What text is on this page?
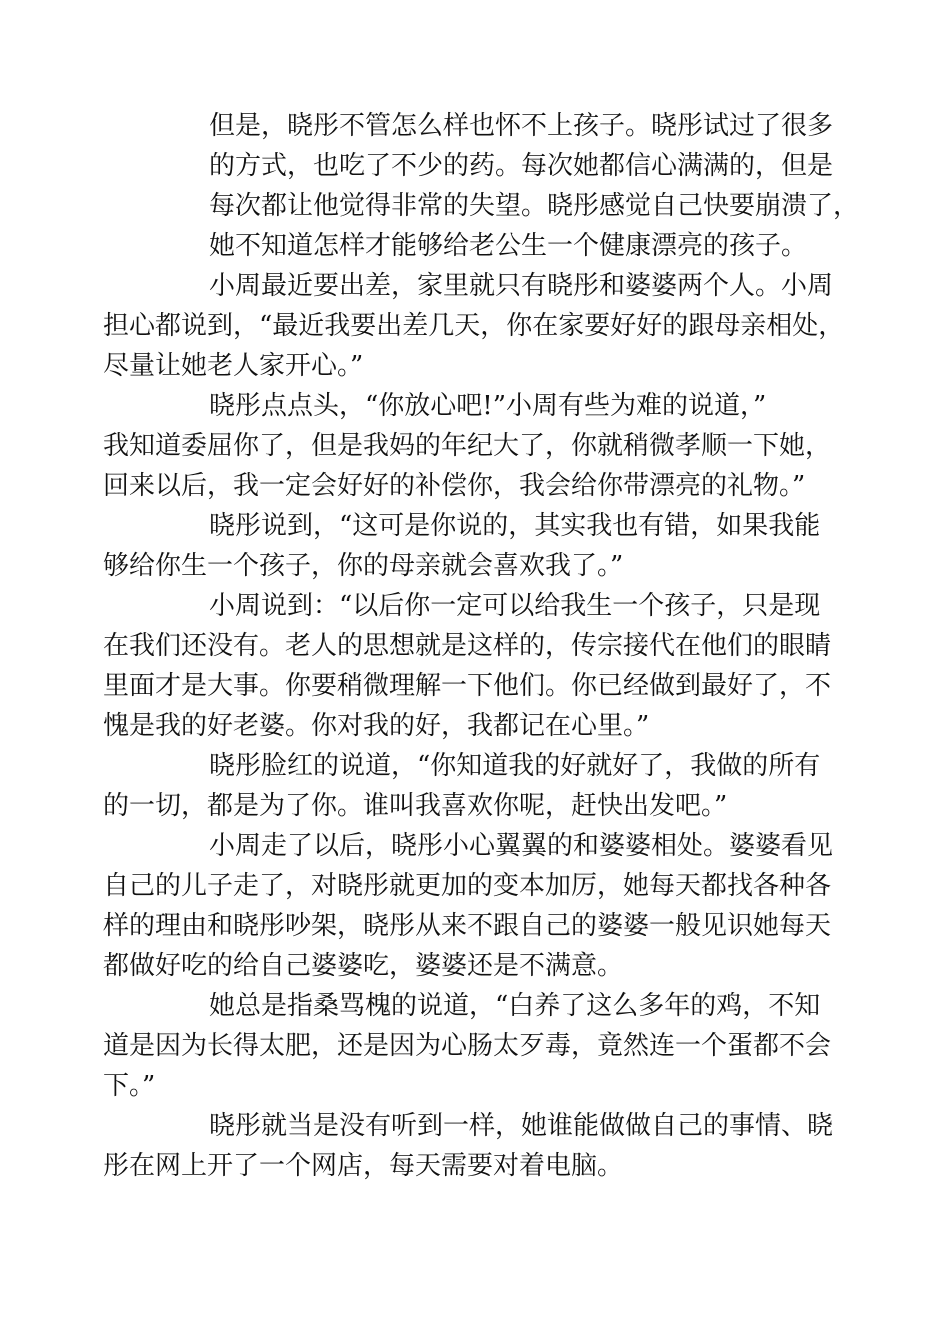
但是，晓彤不管怎么样也怀不上孩子。晓彤试过了很多
的方式，也吃了不少的药。每次她都信心满满的，但是
每次都让他觉得非常的失望。晓彤感觉自己快要崩溃了，
她不知道怎样才能够给老公生一个健康漂亮的孩子。
小周最近要出差，家里就只有晓彤和婆婆两个人。小周
担心都说到，“最近我要出差几天，你在家要好好的跟母亲相处，
尽量让她老人家开心。”
晓彤点点头，“你放心吧!”小周有些为难的说道，”
我知道委屈你了，但是我妈的年纪大了，你就稍微孝顺一下她，
回来以后，我一定会好好的补偿你，我会给你带漂亮的礼物。”
晓彤说到，“这可是你说的，其实我也有错，如果我能
够给你生一个孩子，你的母亲就会喜欢我了。”
小周说到：“以后你一定可以给我生一个孩子，只是现
在我们还没有。老人的思想就是这样的，传宗接代在他们的眼睛
里面才是大事。你要稍微理解一下他们。你已经做到最好了，不
愧是我的好老婆。你对我的好，我都记在心里。”
晓彤脸红的说道，“你知道我的好就好了，我做的所有
的一切，都是为了你。谁叫我喜欢你呢，赶快出发吧。”
小周走了以后，晓彤小心翼翼的和婆婆相处。婆婆看见
自己的儿子走了，对晓彤就更加的变本加厉，她每天都找各种各
样的理由和晓彤吵架，晓彤从来不跟自己的婆婆一般见识她每天
都做好吃的给自己婆婆吃，婆婆还是不满意。
她总是指桑骂槐的说道，“白养了这么多年的鸡，不知
道是因为长得太肥，还是因为心肠太歹毒，竟然连一个蛋都不会
下。”
晓彤就当是没有听到一样，她谁能做做自己的事情、晓
彤在网上开了一个网店，每天需要对着电脑。
